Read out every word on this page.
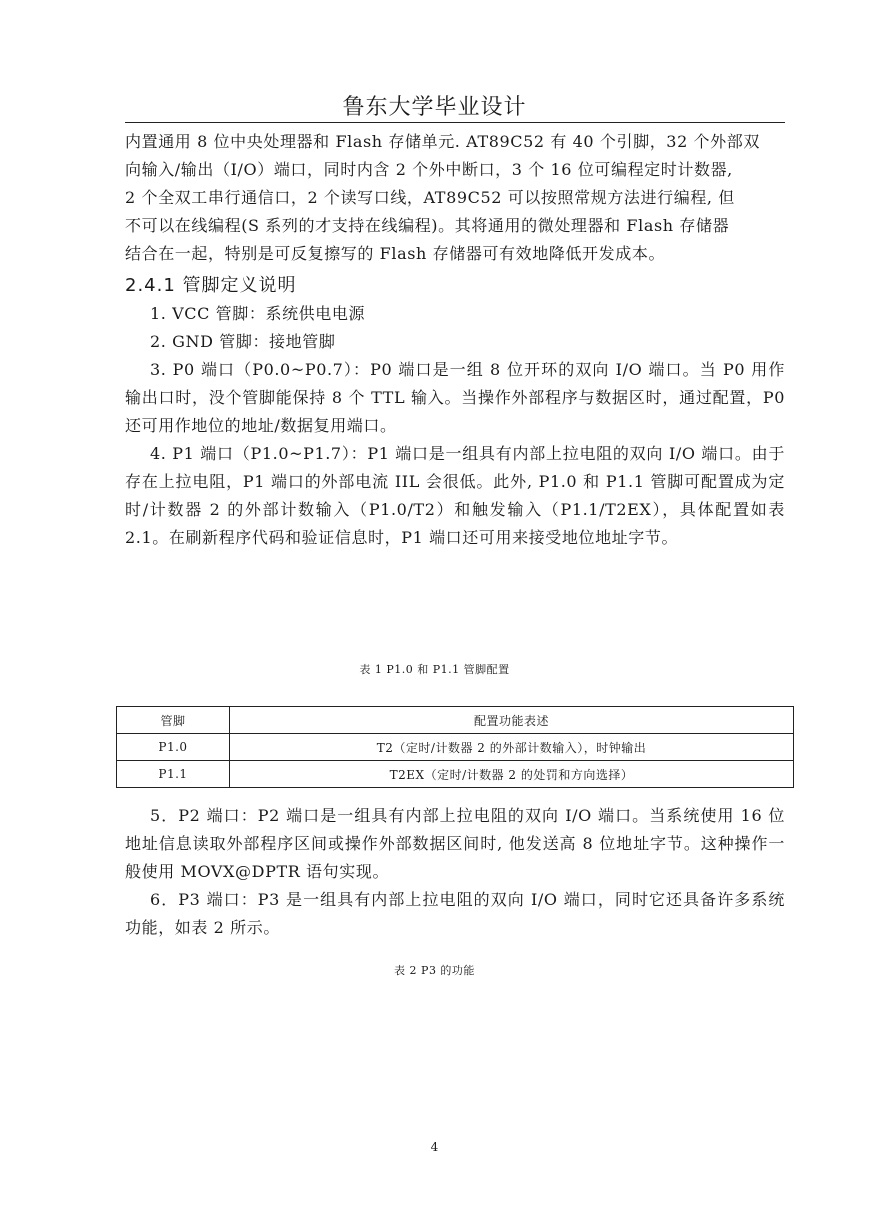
鲁东大学毕业设计

内置通用 8 位中央处理器和 Flash 存储单元. AT89C52 有 40 个引脚，32 个外部双

向输入/输出（I/O）端口，同时内含 2 个外中断口，3 个 16 位可编程定时计数器,

2 个全双工串行通信口，2 个读写口线，AT89C52 可以按照常规方法进行编程, 但

不可以在线编程(S 系列的才支持在线编程)。其将通用的微处理器和 Flash 存储器

结合在一起，特别是可反复擦写的 Flash 存储器可有效地降低开发成本。

2.4.1 管脚定义说明

1. VCC 管脚：系统供电电源

2. GND 管脚：接地管脚

3. P0 端口（P0.0~P0.7）：P0 端口是一组 8 位开环的双向 I/O 端口。当 P0 用作输出口时，没个管脚能保持 8 个 TTL 输入。当操作外部程序与数据区时，通过配置，P0 还可用作地位的地址/数据复用端口。

4. P1 端口（P1.0~P1.7）：P1 端口是一组具有内部上拉电阻的双向 I/O 端口。由于存在上拉电阻，P1 端口的外部电流 IIL 会很低。此外, P1.0 和 P1.1 管脚可配置成为定时/计数器 2 的外部计数输入（P1.0/T2）和触发输入（P1.1/T2EX），具体配置如表 2.1。在刷新程序代码和验证信息时，P1 端口还可用来接受地位地址字节。

表 1 P1.0 和 P1.1 管脚配置
管脚	配置功能表述
P1.0	T2（定时/计数器 2 的外部计数输入），时钟输出
P1.1	T2EX（定时/计数器 2 的处罚和方向选择）

5．P2 端口：P2 端口是一组具有内部上拉电阻的双向 I/O 端口。当系统使用 16 位地址信息读取外部程序区间或操作外部数据区间时, 他发送高 8 位地址字节。这种操作一般使用 MOVX@DPTR 语句实现。

6．P3 端口：P3 是一组具有内部上拉电阻的双向 I/O 端口，同时它还具备许多系统功能，如表 2 所示。

表 2 P3 的功能
4
